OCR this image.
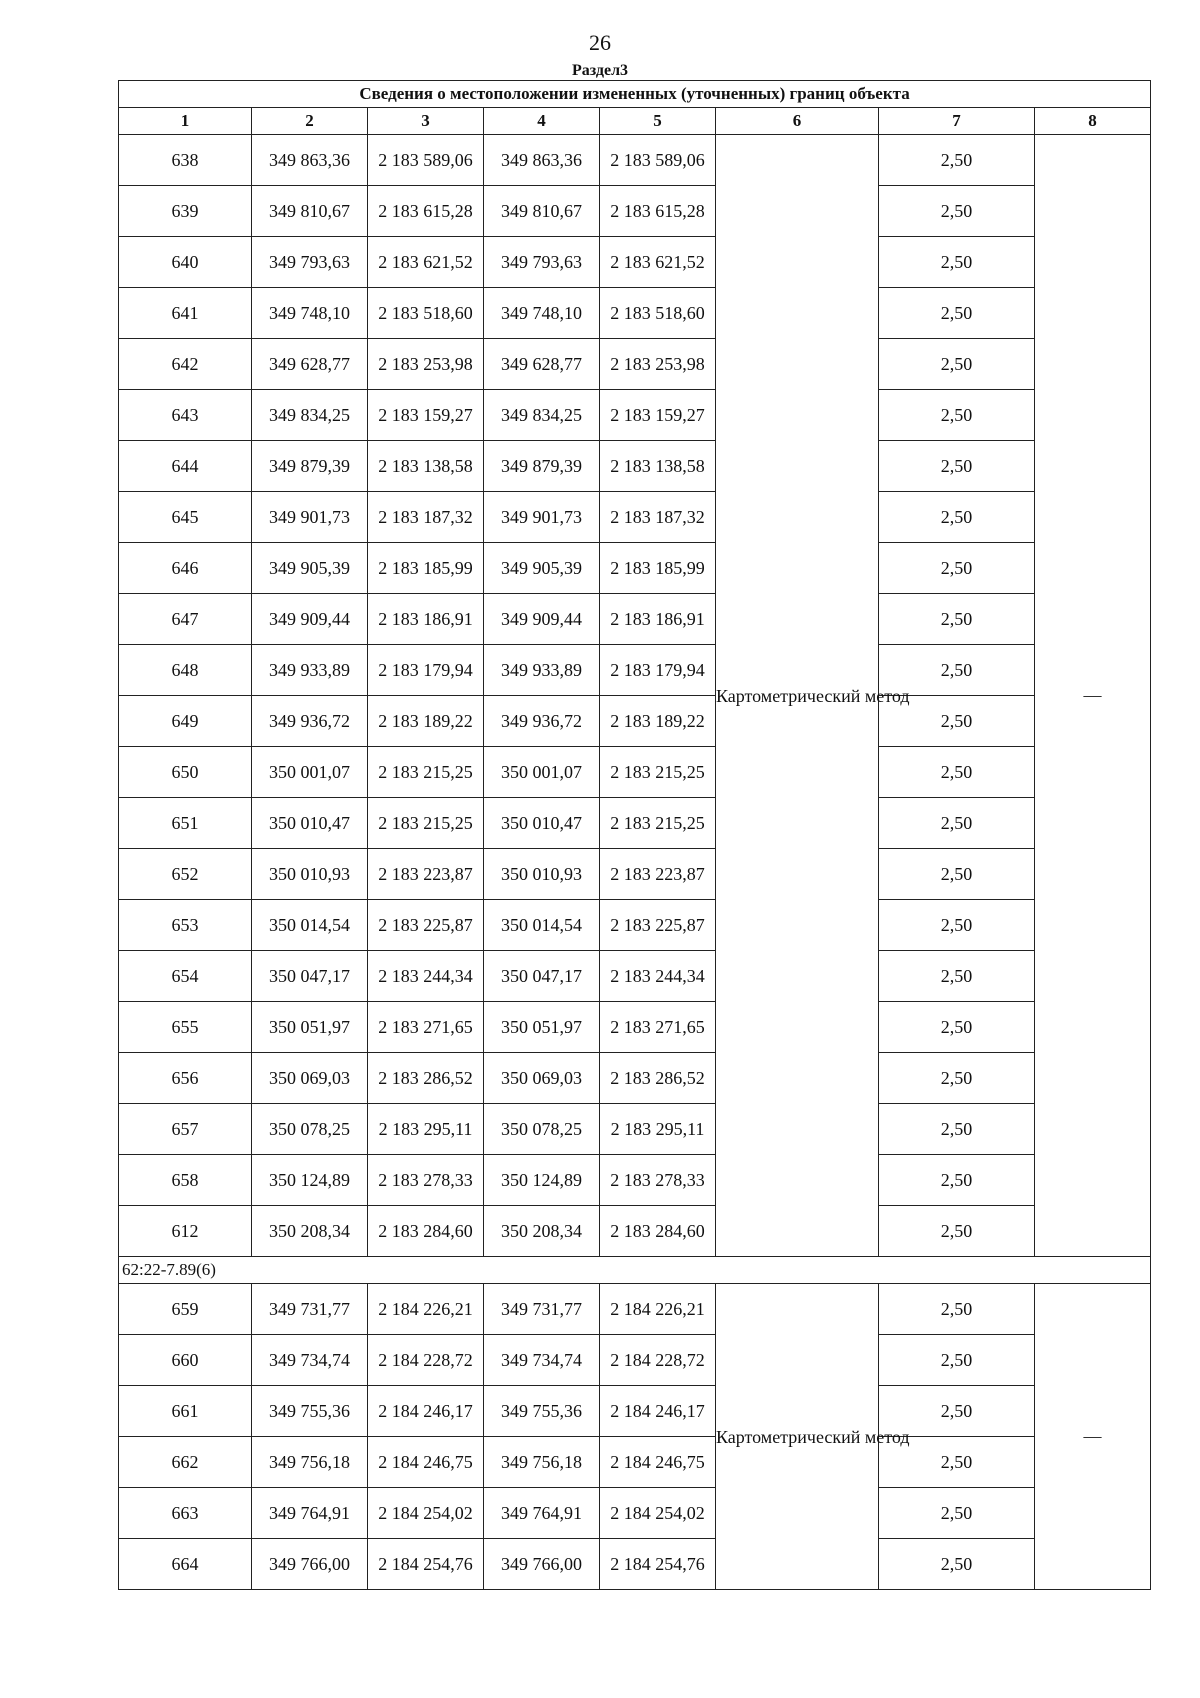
26
Раздел3
Сведения о местоположении измененных (уточненных) границ объекта							
1	2	3	4	5	6	7	8
638	349 863,36	2 183 589,06	349 863,36	2 183 589,06	Картометрический метод	2,50	—
639	349 810,67	2 183 615,28	349 810,67	2 183 615,28		2,50	
640	349 793,63	2 183 621,52	349 793,63	2 183 621,52		2,50	
641	349 748,10	2 183 518,60	349 748,10	2 183 518,60		2,50	
642	349 628,77	2 183 253,98	349 628,77	2 183 253,98		2,50	
643	349 834,25	2 183 159,27	349 834,25	2 183 159,27		2,50	
644	349 879,39	2 183 138,58	349 879,39	2 183 138,58		2,50	
645	349 901,73	2 183 187,32	349 901,73	2 183 187,32		2,50	
646	349 905,39	2 183 185,99	349 905,39	2 183 185,99		2,50	
647	349 909,44	2 183 186,91	349 909,44	2 183 186,91		2,50	
648	349 933,89	2 183 179,94	349 933,89	2 183 179,94		2,50	
649	349 936,72	2 183 189,22	349 936,72	2 183 189,22		2,50	
650	350 001,07	2 183 215,25	350 001,07	2 183 215,25		2,50	
651	350 010,47	2 183 215,25	350 010,47	2 183 215,25		2,50	
652	350 010,93	2 183 223,87	350 010,93	2 183 223,87		2,50	
653	350 014,54	2 183 225,87	350 014,54	2 183 225,87		2,50	
654	350 047,17	2 183 244,34	350 047,17	2 183 244,34		2,50	
655	350 051,97	2 183 271,65	350 051,97	2 183 271,65		2,50	
656	350 069,03	2 183 286,52	350 069,03	2 183 286,52		2,50	
657	350 078,25	2 183 295,11	350 078,25	2 183 295,11		2,50	
658	350 124,89	2 183 278,33	350 124,89	2 183 278,33		2,50	
612	350 208,34	2 183 284,60	350 208,34	2 183 284,60		2,50	
62:22-7.89(6)							
659	349 731,77	2 184 226,21	349 731,77	2 184 226,21	Картометрический метод	2,50	—
660	349 734,74	2 184 228,72	349 734,74	2 184 228,72		2,50	
661	349 755,36	2 184 246,17	349 755,36	2 184 246,17		2,50	
662	349 756,18	2 184 246,75	349 756,18	2 184 246,75		2,50	
663	349 764,91	2 184 254,02	349 764,91	2 184 254,02		2,50	
664	349 766,00	2 184 254,76	349 766,00	2 184 254,76		2,50	
